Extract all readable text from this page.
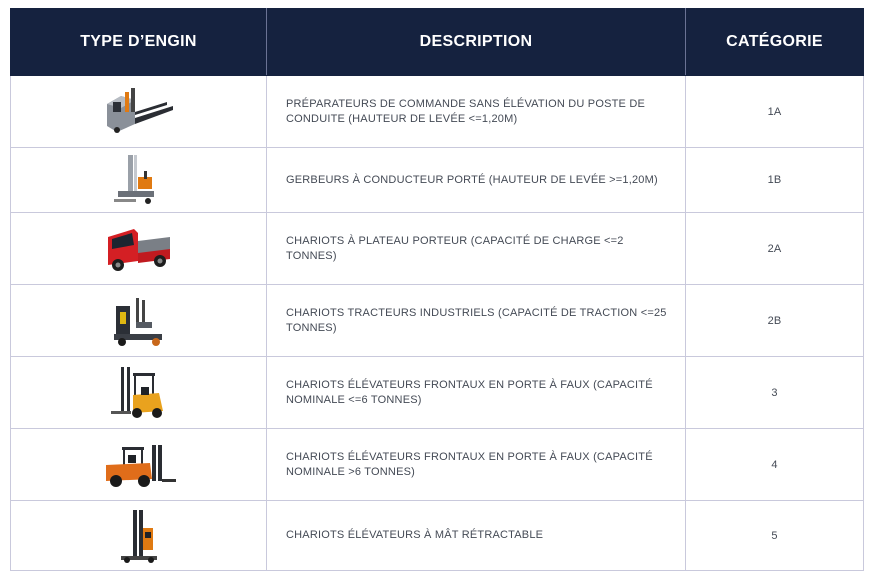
TYPE D’ENGIN	DESCRIPTION	CATÉGORIE
	PRÉPARATEURS DE COMMANDE SANS ÉLÉVATION DU POSTE DE CONDUITE (HAUTEUR DE LEVÉE <=1,20M)	1A
	GERBEURS À CONDUCTEUR PORTÉ (HAUTEUR DE LEVÉE >=1,20M)	1B
	CHARIOTS À PLATEAU PORTEUR (CAPACITÉ DE CHARGE <=2 TONNES)	2A
	CHARIOTS TRACTEURS INDUSTRIELS (CAPACITÉ DE TRACTION <=25 TONNES)	2B
	CHARIOTS ÉLÉVATEURS FRONTAUX EN PORTE À FAUX (CAPACITÉ NOMINALE <=6 TONNES)	3
	CHARIOTS ÉLÉVATEURS FRONTAUX EN PORTE À FAUX (CAPACITÉ NOMINALE >6 TONNES)	4
	CHARIOTS ÉLÉVATEURS À MÂT RÉTRACTABLE	5
